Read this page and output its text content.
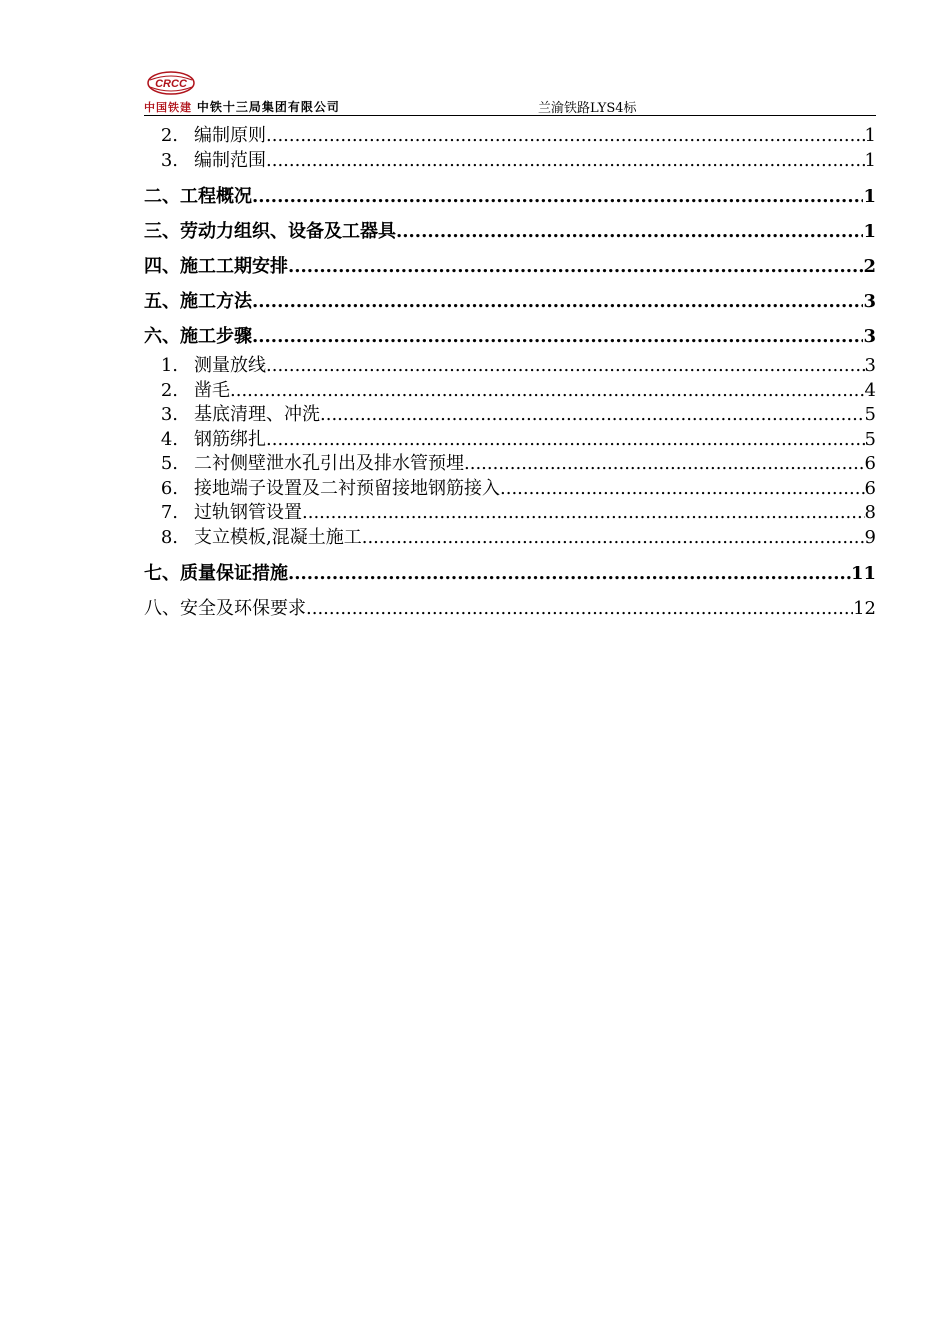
CRCC
中国铁建 中铁十三局集团有限公司	兰渝铁路LYS4标
2. 编制原则 .....	1
3. 编制范围 .....	1
二、工程概况 .....	1
三、劳动力组织、设备及工器具 .....	1
四、施工工期安排 .....	2
五、施工方法 .....	3
六、施工步骤 .....	3
1. 测量放线 .....	3
2. 凿毛 .....	4
3. 基底清理、冲洗 .....	5
4. 钢筋绑扎 .....	5
5. 二衬侧壁泄水孔引出及排水管预埋 .....	6
6. 接地端子设置及二衬预留接地钢筋接入 .....	6
7. 过轨钢管设置 .....	8
8. 支立模板,混凝土施工 .....	9
七、质量保证措施 .....	11
八、安全及环保要求 .....	12
